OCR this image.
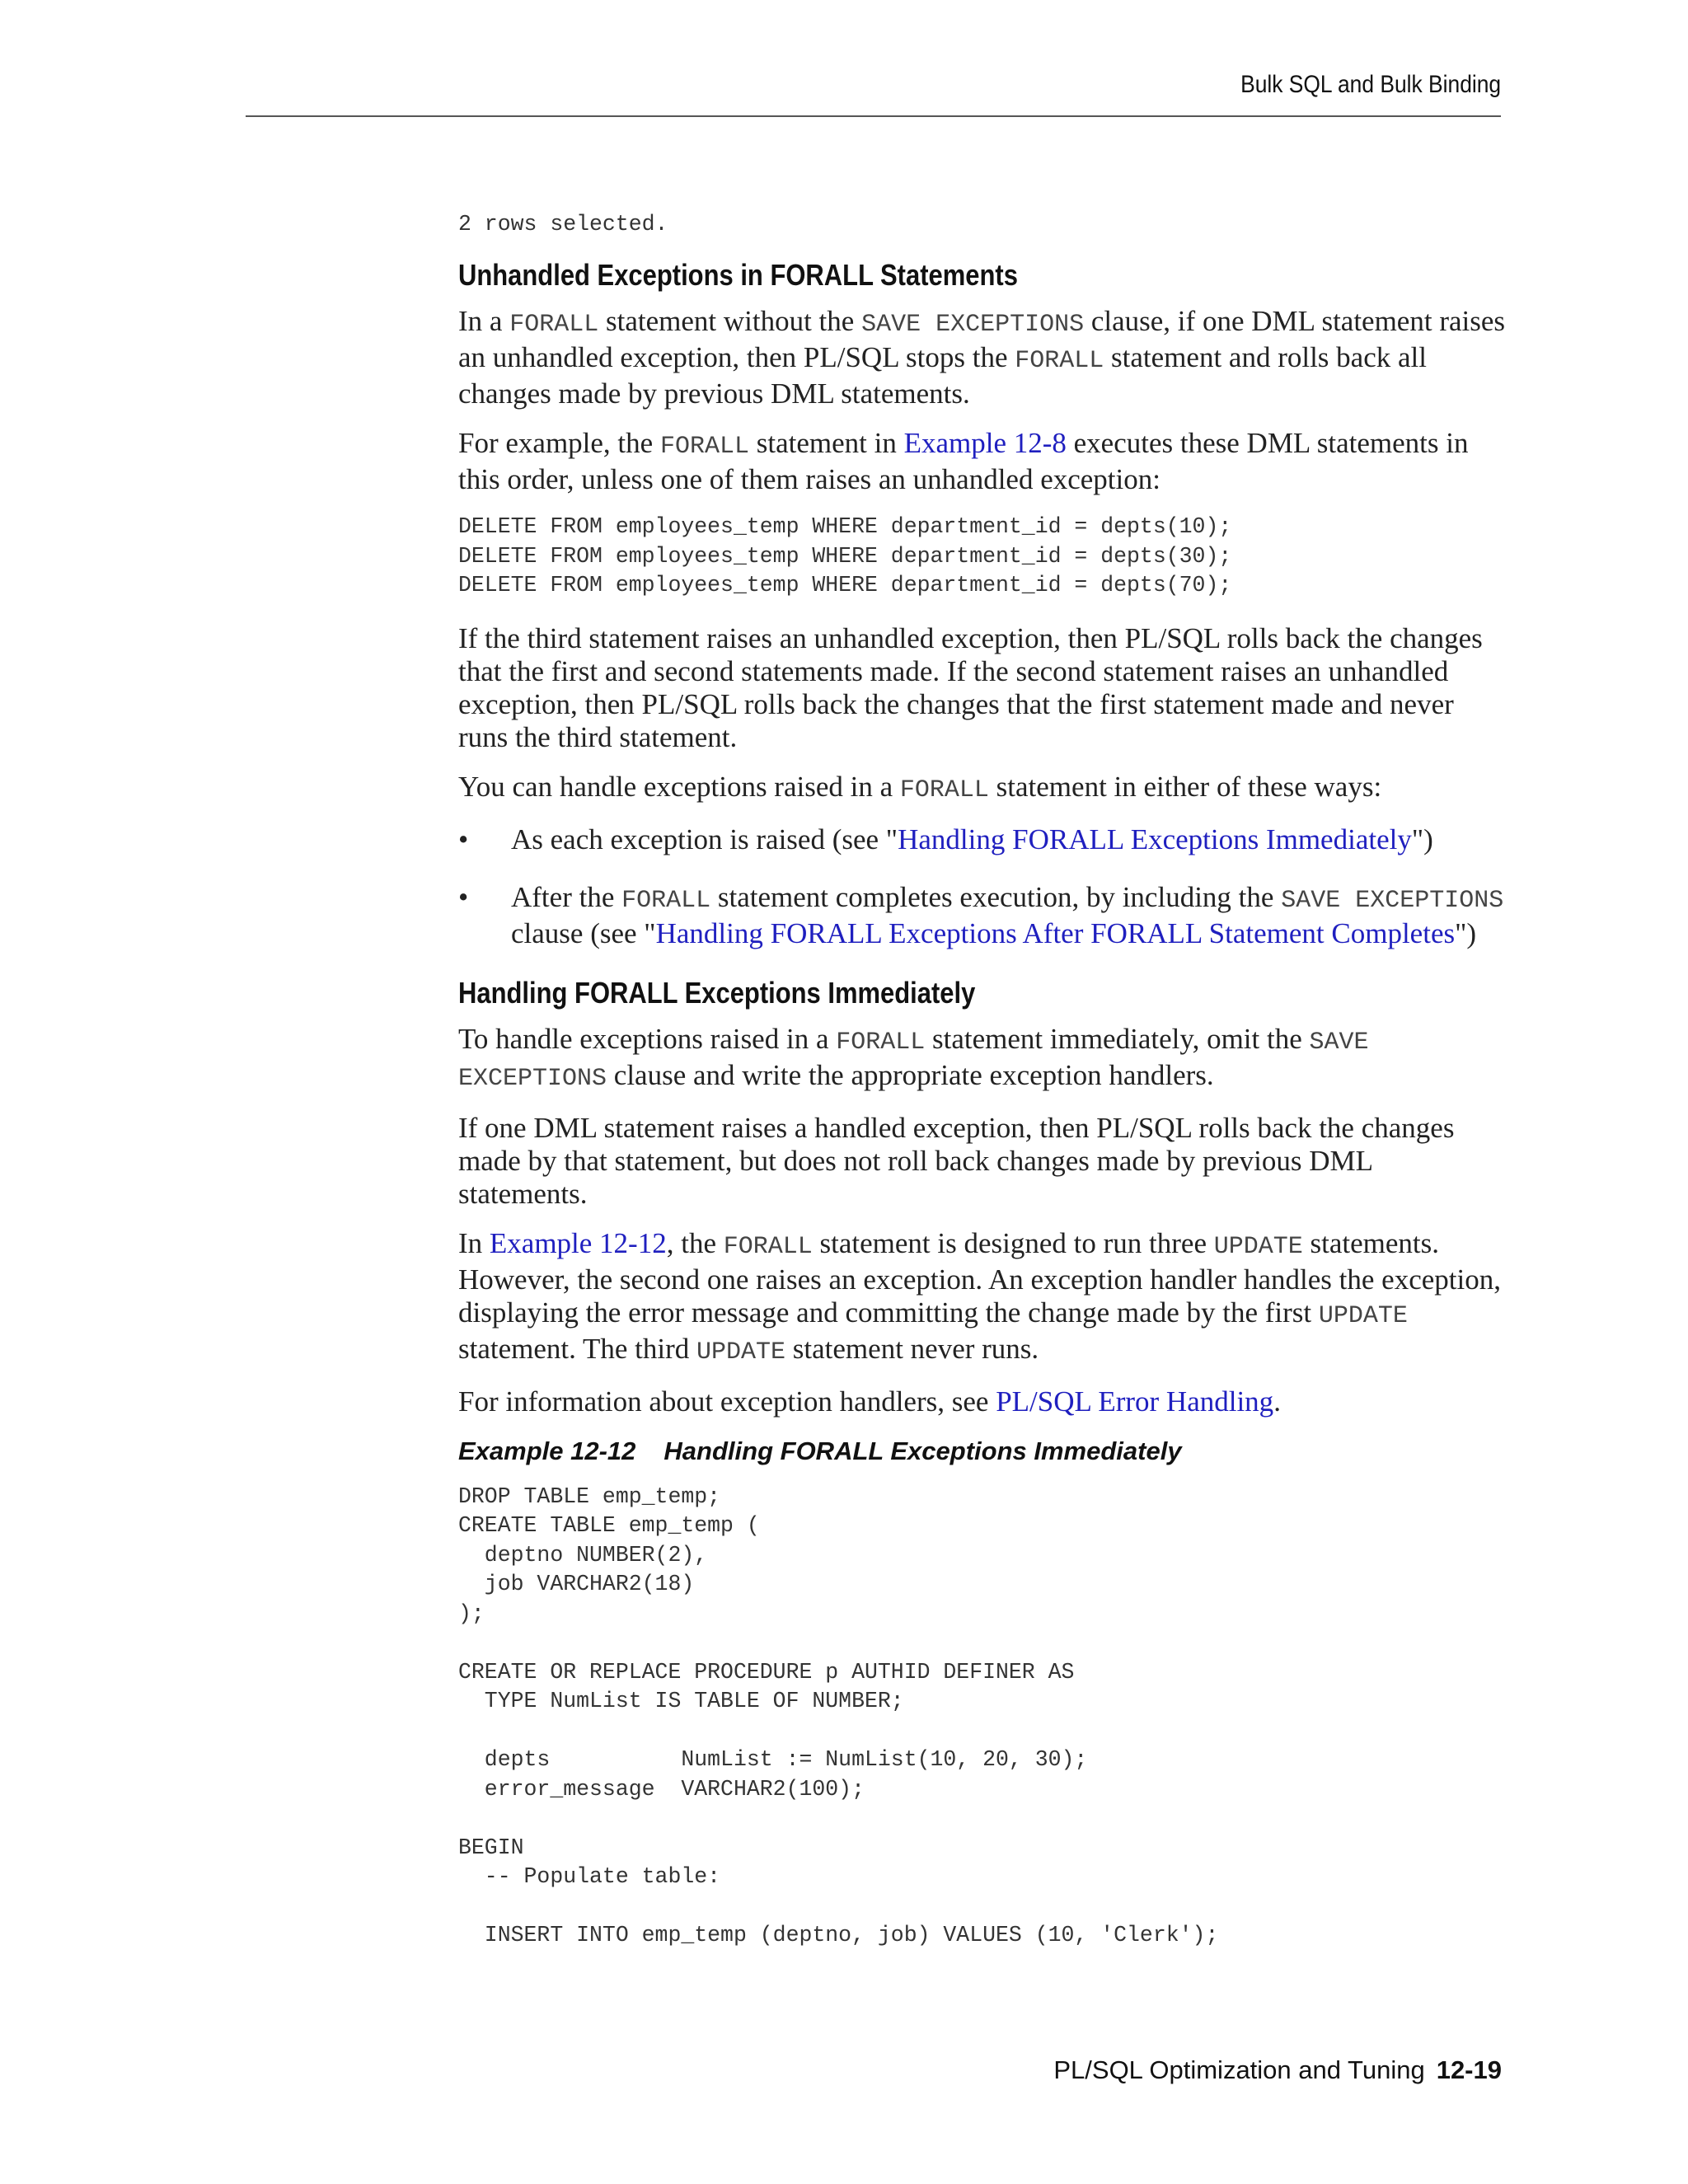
Bulk SQL and Bulk Binding
2 rows selected.
Unhandled Exceptions in FORALL Statements

In a FORALL statement without the SAVE EXCEPTIONS clause, if one DML statement raises an unhandled exception, then PL/SQL stops the FORALL statement and rolls back all changes made by previous DML statements.

For example, the FORALL statement in Example 12-8 executes these DML statements in this order, unless one of them raises an unhandled exception:

DELETE FROM employees_temp WHERE department_id = depts(10);
DELETE FROM employees_temp WHERE department_id = depts(30);
DELETE FROM employees_temp WHERE department_id = depts(70);

If the third statement raises an unhandled exception, then PL/SQL rolls back the changes that the first and second statements made. If the second statement raises an unhandled exception, then PL/SQL rolls back the changes that the first statement made and never runs the third statement.

You can handle exceptions raised in a FORALL statement in either of these ways:

• As each exception is raised (see "Handling FORALL Exceptions Immediately")
• After the FORALL statement completes execution, by including the SAVE EXCEPTIONS clause (see "Handling FORALL Exceptions After FORALL Statement Completes")
Handling FORALL Exceptions Immediately

To handle exceptions raised in a FORALL statement immediately, omit the SAVE EXCEPTIONS clause and write the appropriate exception handlers.

If one DML statement raises a handled exception, then PL/SQL rolls back the changes made by that statement, but does not roll back changes made by previous DML statements.

In Example 12-12, the FORALL statement is designed to run three UPDATE statements. However, the second one raises an exception. An exception handler handles the exception, displaying the error message and committing the change made by the first UPDATE statement. The third UPDATE statement never runs.

For information about exception handlers, see PL/SQL Error Handling.

Example 12-12 Handling FORALL Exceptions Immediately
DROP TABLE emp_temp;
CREATE TABLE emp_temp (
deptno NUMBER(2),
job VARCHAR2(18)
);

CREATE OR REPLACE PROCEDURE p AUTHID DEFINER AS
TYPE NumList IS TABLE OF NUMBER;

depts          NumList := NumList(10, 20, 30);
error_message  VARCHAR2(100);

BEGIN
-- Populate table:

INSERT INTO emp_temp (deptno, job) VALUES (10, 'Clerk');
PL/SQL Optimization and Tuning 12-19
